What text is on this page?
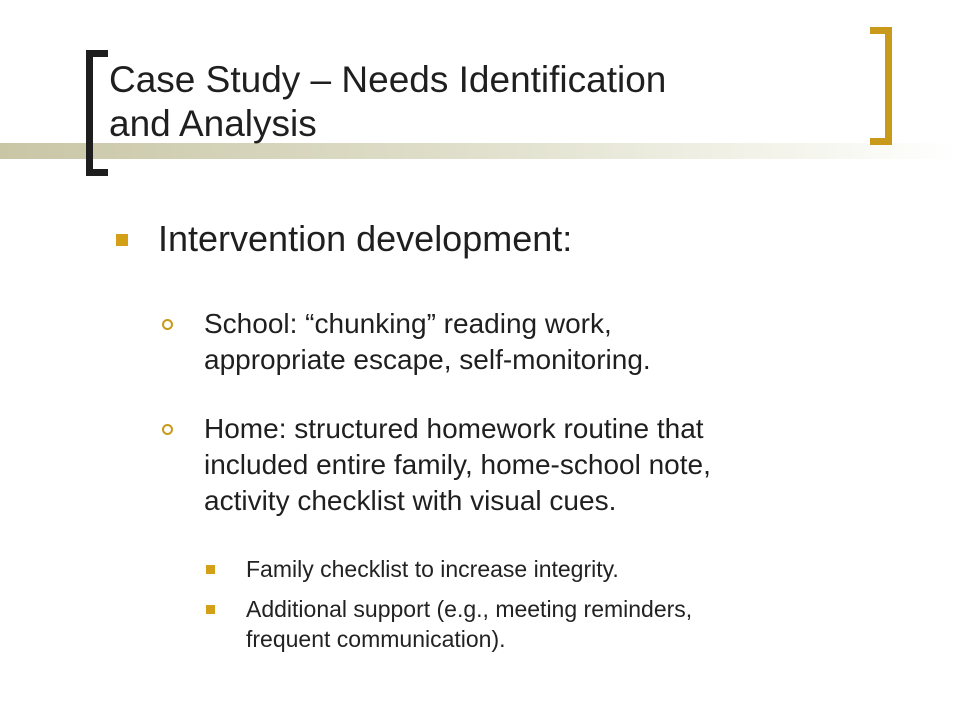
Case Study – Needs Identification
and Analysis
Intervention development:
School: “chunking” reading work,
appropriate escape, self-monitoring.
Home: structured homework routine that
included entire family, home-school note,
activity checklist with visual cues.
Family checklist to increase integrity.
Additional support (e.g., meeting reminders,
frequent communication).
